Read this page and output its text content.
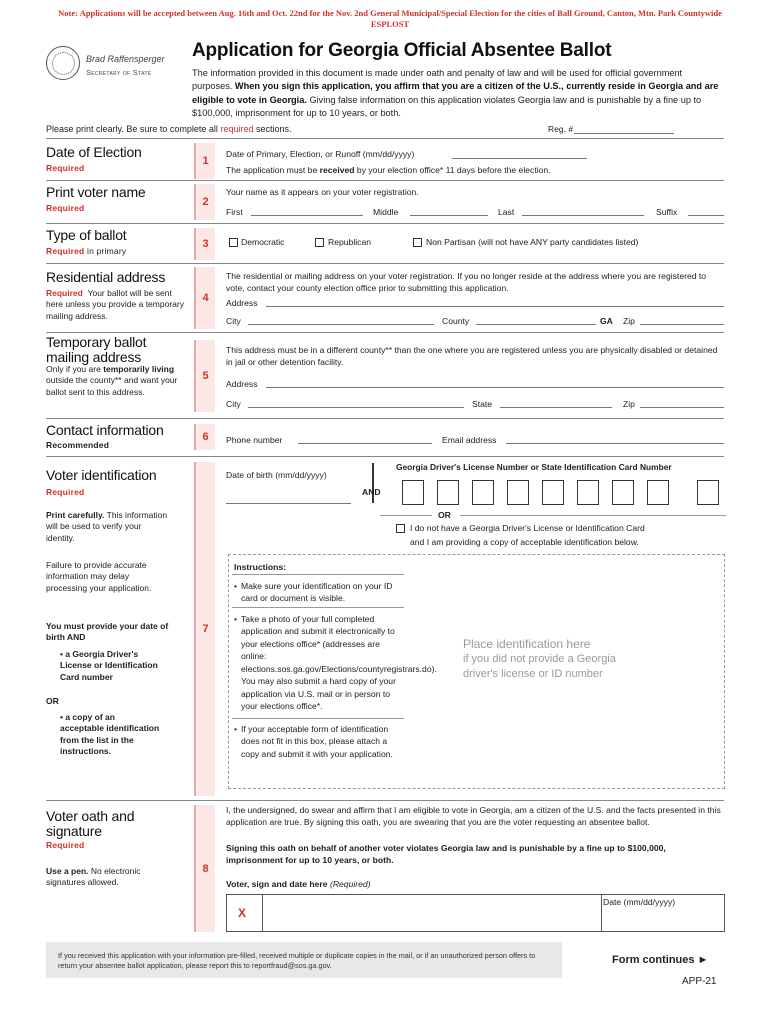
Note: Applications will be accepted between Aug. 16th and Oct. 22nd for the Nov. 2nd General Municipal/Special Election for the cities of Ball Ground, Canton, Mtn. Park Countywide ESPLOST
Brad Raffensperger
Secretary of State
Application for Georgia Official Absentee Ballot
The information provided in this document is made under oath and penalty of law and will be used for official government purposes. When you sign this application, you affirm that you are a citizen of the U.S., currently reside in Georgia and are eligible to vote in Georgia. Giving false information on this application violates Georgia law and is punishable by a fine up to $100,000, imprisonment for up to 10 years, or both.
Please print clearly. Be sure to complete all required sections.	Reg. #
Date of Election
Required
1
Date of Primary, Election, or Runoff (mm/dd/yyyy)
The application must be received by your election office* 11 days before the election.
Print voter name
Required	2
Your name as it appears on your voter registration.
First	Middle	Last	Suffix
Type of ballot
Required in primary
3	Democratic	Republican	Non Partisan (will not have ANY party candidates listed)
Residential address
Required Your ballot will be sent here unless you provide a temporary mailing address.
4
The residential or mailing address on your voter registration. If you no longer reside at the address where you are registered to vote, contact your county election office prior to submitting this application.
Address
City	County	GA Zip
Temporary ballot mailing address
Only if you are temporarily living outside the county** and want your ballot sent to this address.
5
This address must be in a different county** than the one where you are registered unless you are physically disabled or detained in jail or other detention facility.
Address
City	State	Zip
Contact information
Recommended
6	Phone number	Email address
Voter identification
Required
Print carefully. This information will be used to verify your identity.
Failure to provide accurate information may delay processing your application.
You must provide your date of birth AND
• a Georgia Driver's License or Identification Card number
OR
• a copy of an acceptable identification from the list in the instructions.
7
Date of birth (mm/dd/yyyy)
AND
Georgia Driver's License Number or State Identification Card Number
OR
I do not have a Georgia Driver's License or Identification Card
and I am providing a copy of acceptable identification below.
Instructions:
• Make sure your identification on your ID card or document is visible.
• Take a photo of your full completed application and submit it electronically to your elections office* (addresses are online: elections.sos.ga.gov/Elections/countyregistrars.do). You may also submit a hard copy of your application via U.S. mail or in person to your elections office*.
• If your acceptable form of identification does not fit in this box, please attach a copy and submit it with your application.
Place identification here
if you did not provide a Georgia driver's license or ID number
Voter oath and signature
Required
Use a pen. No electronic signatures allowed.
8
I, the undersigned, do swear and affirm that I am eligible to vote in Georgia, am a citizen of the U.S. and the facts presented in this application are true. By signing this oath, you are swearing that you are the voter requesting an absentee ballot.
Signing this oath on behalf of another voter violates Georgia law and is punishable by a fine up to $100,000, imprisonment for up to 10 years, or both.
Voter, sign and date here (Required)
X
Date (mm/dd/yyyy)
If you received this application with your information pre-filled, received multiple or duplicate copies in the mail, or if an unauthorized person offers to return your absentee ballot application, please report this to reportfraud@sos.ga.gov.	Form continues ►
APP-21
